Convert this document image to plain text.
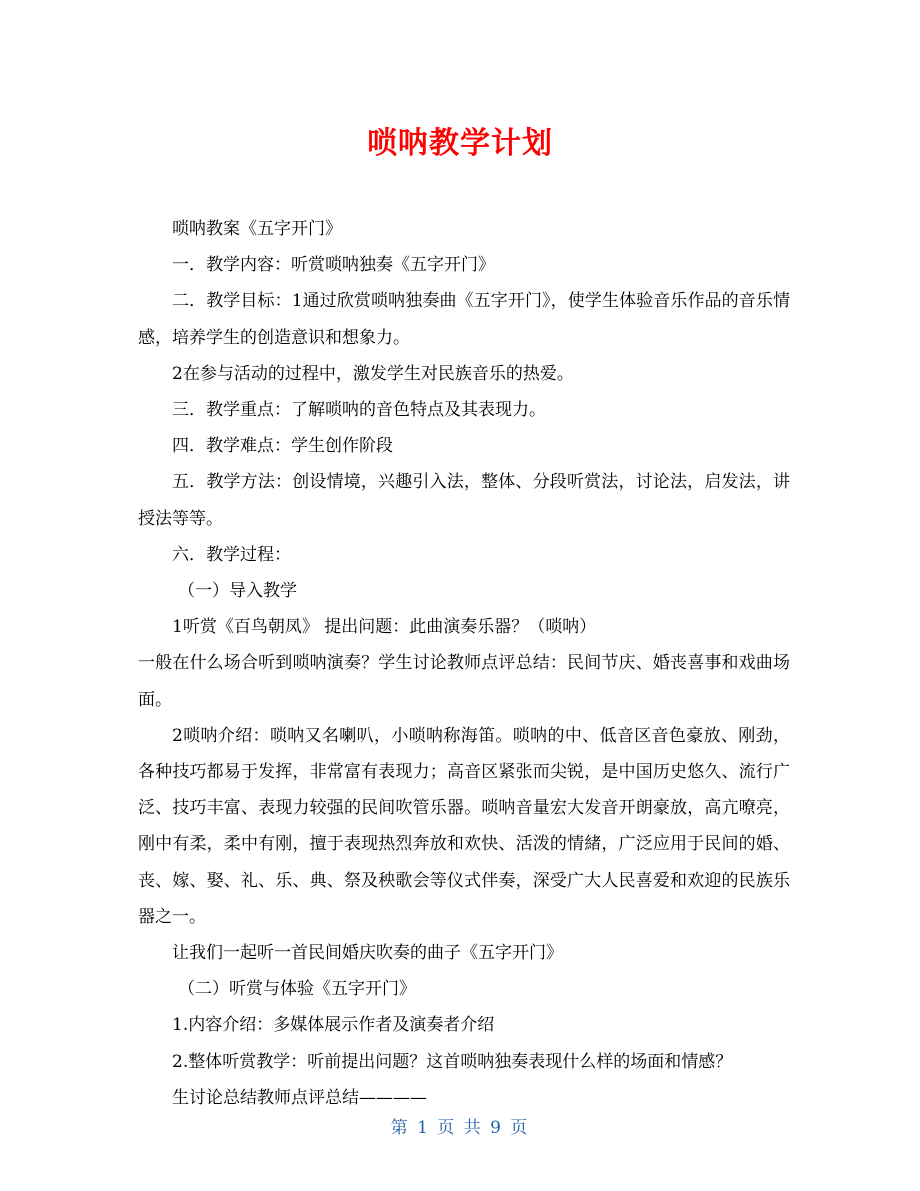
唢呐教学计划

唢呐教案《五字开门》

一．教学内容：听赏唢呐独奏《五字开门》

二．教学目标：1通过欣赏唢呐独奏曲《五字开门》，使学生体验音乐作品的音乐情感，培养学生的创造意识和想象力。

2在参与活动的过程中，激发学生对民族音乐的热爱。

三．教学重点：了解唢呐的音色特点及其表现力。

四．教学难点：学生创作阶段

五．教学方法：创设情境，兴趣引入法，整体、分段听赏法，讨论法，启发法，讲授法等等。

六．教学过程：

（一）导入教学

1听赏《百鸟朝凤》 提出问题：此曲演奏乐器？（唢呐）

一般在什么场合听到唢呐演奏？学生讨论教师点评总结：民间节庆、婚丧喜事和戏曲场面。

2唢呐介绍：唢呐又名喇叭，小唢呐称海笛。唢呐的中、低音区音色豪放、刚劲，各种技巧都易于发挥，非常富有表现力；高音区紧张而尖锐，是中国历史悠久、流行广泛、技巧丰富、表现力较强的民间吹管乐器。唢呐音量宏大发音开朗豪放，高亢嘹亮，刚中有柔，柔中有刚，擅于表现热烈奔放和欢快、活泼的情緒，广泛应用于民间的婚、丧、嫁、娶、礼、乐、典、祭及秧歌会等仪式伴奏，深受广大人民喜爱和欢迎的民族乐器之一。

让我们一起听一首民间婚庆吹奏的曲子《五字开门》

（二）听赏与体验《五字开门》

1.内容介绍：多媒体展示作者及演奏者介绍

2.整体听赏教学：听前提出问题？这首唢呐独奏表现什么样的场面和情感？

生讨论总结教师点评总结————

第 1 页 共 9 页
